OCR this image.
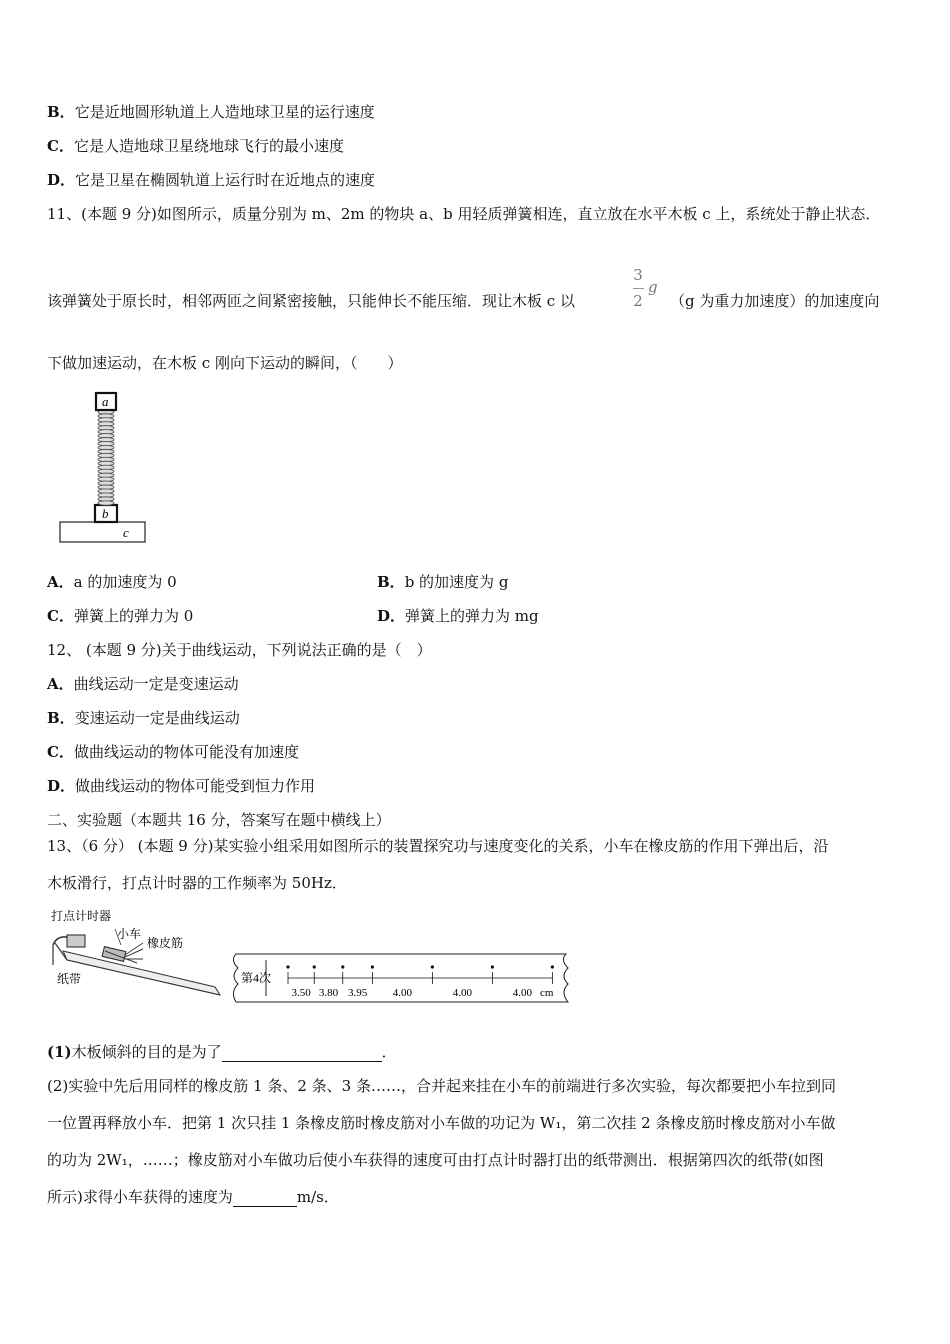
B．它是近地圆形轨道上人造地球卫星的运行速度
C．它是人造地球卫星绕地球飞行的最小速度
D．它是卫星在椭圆轨道上运行时在近地点的速度
11、(本题 9 分)如图所示，质量分别为 m、2m 的物块 a、b 用轻质弹簧相连，直立放在水平木板 c 上，系统处于静止状态．
该弹簧处于原长时，相邻两匝之间紧密接触，只能伸长不能压缩．现让木板 c 以
3
2
g
（g 为重力加速度）的加速度向
下做加速运动，在木板 c 刚向下运动的瞬间，（　　）
c
b
a
A．a 的加速度为 0	B．b 的加速度为 g
C．弹簧上的弹力为 0	D．弹簧上的弹力为 mg
12、 (本题 9 分)关于曲线运动，下列说法正确的是（　）
A．曲线运动一定是变速运动
B．变速运动一定是曲线运动
C．做曲线运动的物体可能没有加速度
D．做曲线运动的物体可能受到恒力作用
二、实验题（本题共 16 分，答案写在题中横线上）
13、（6 分） (本题 9 分)某实验小组采用如图所示的装置探究功与速度变化的关系，小车在橡皮筋的作用下弹出后，沿
木板滑行，打点计时器的工作频率为 50Hz．
打点计时器
小车
橡皮筋
纸带	第4次
3.50 3.80 3.95 4.00	4.00	4.00 cm
(1)木板倾斜的目的是为了	．
(2)实验中先后用同样的橡皮筋 1 条、2 条、3 条……，合并起来挂在小车的前端进行多次实验，每次都要把小车拉到同
一位置再释放小车．把第 1 次只挂 1 条橡皮筋时橡皮筋对小车做的功记为 W₁，第二次挂 2 条橡皮筋时橡皮筋对小车做
的功为 2W₁，……；橡皮筋对小车做功后使小车获得的速度可由打点计时器打出的纸带测出．根据第四次的纸带(如图
所示)求得小车获得的速度为	m/s．
